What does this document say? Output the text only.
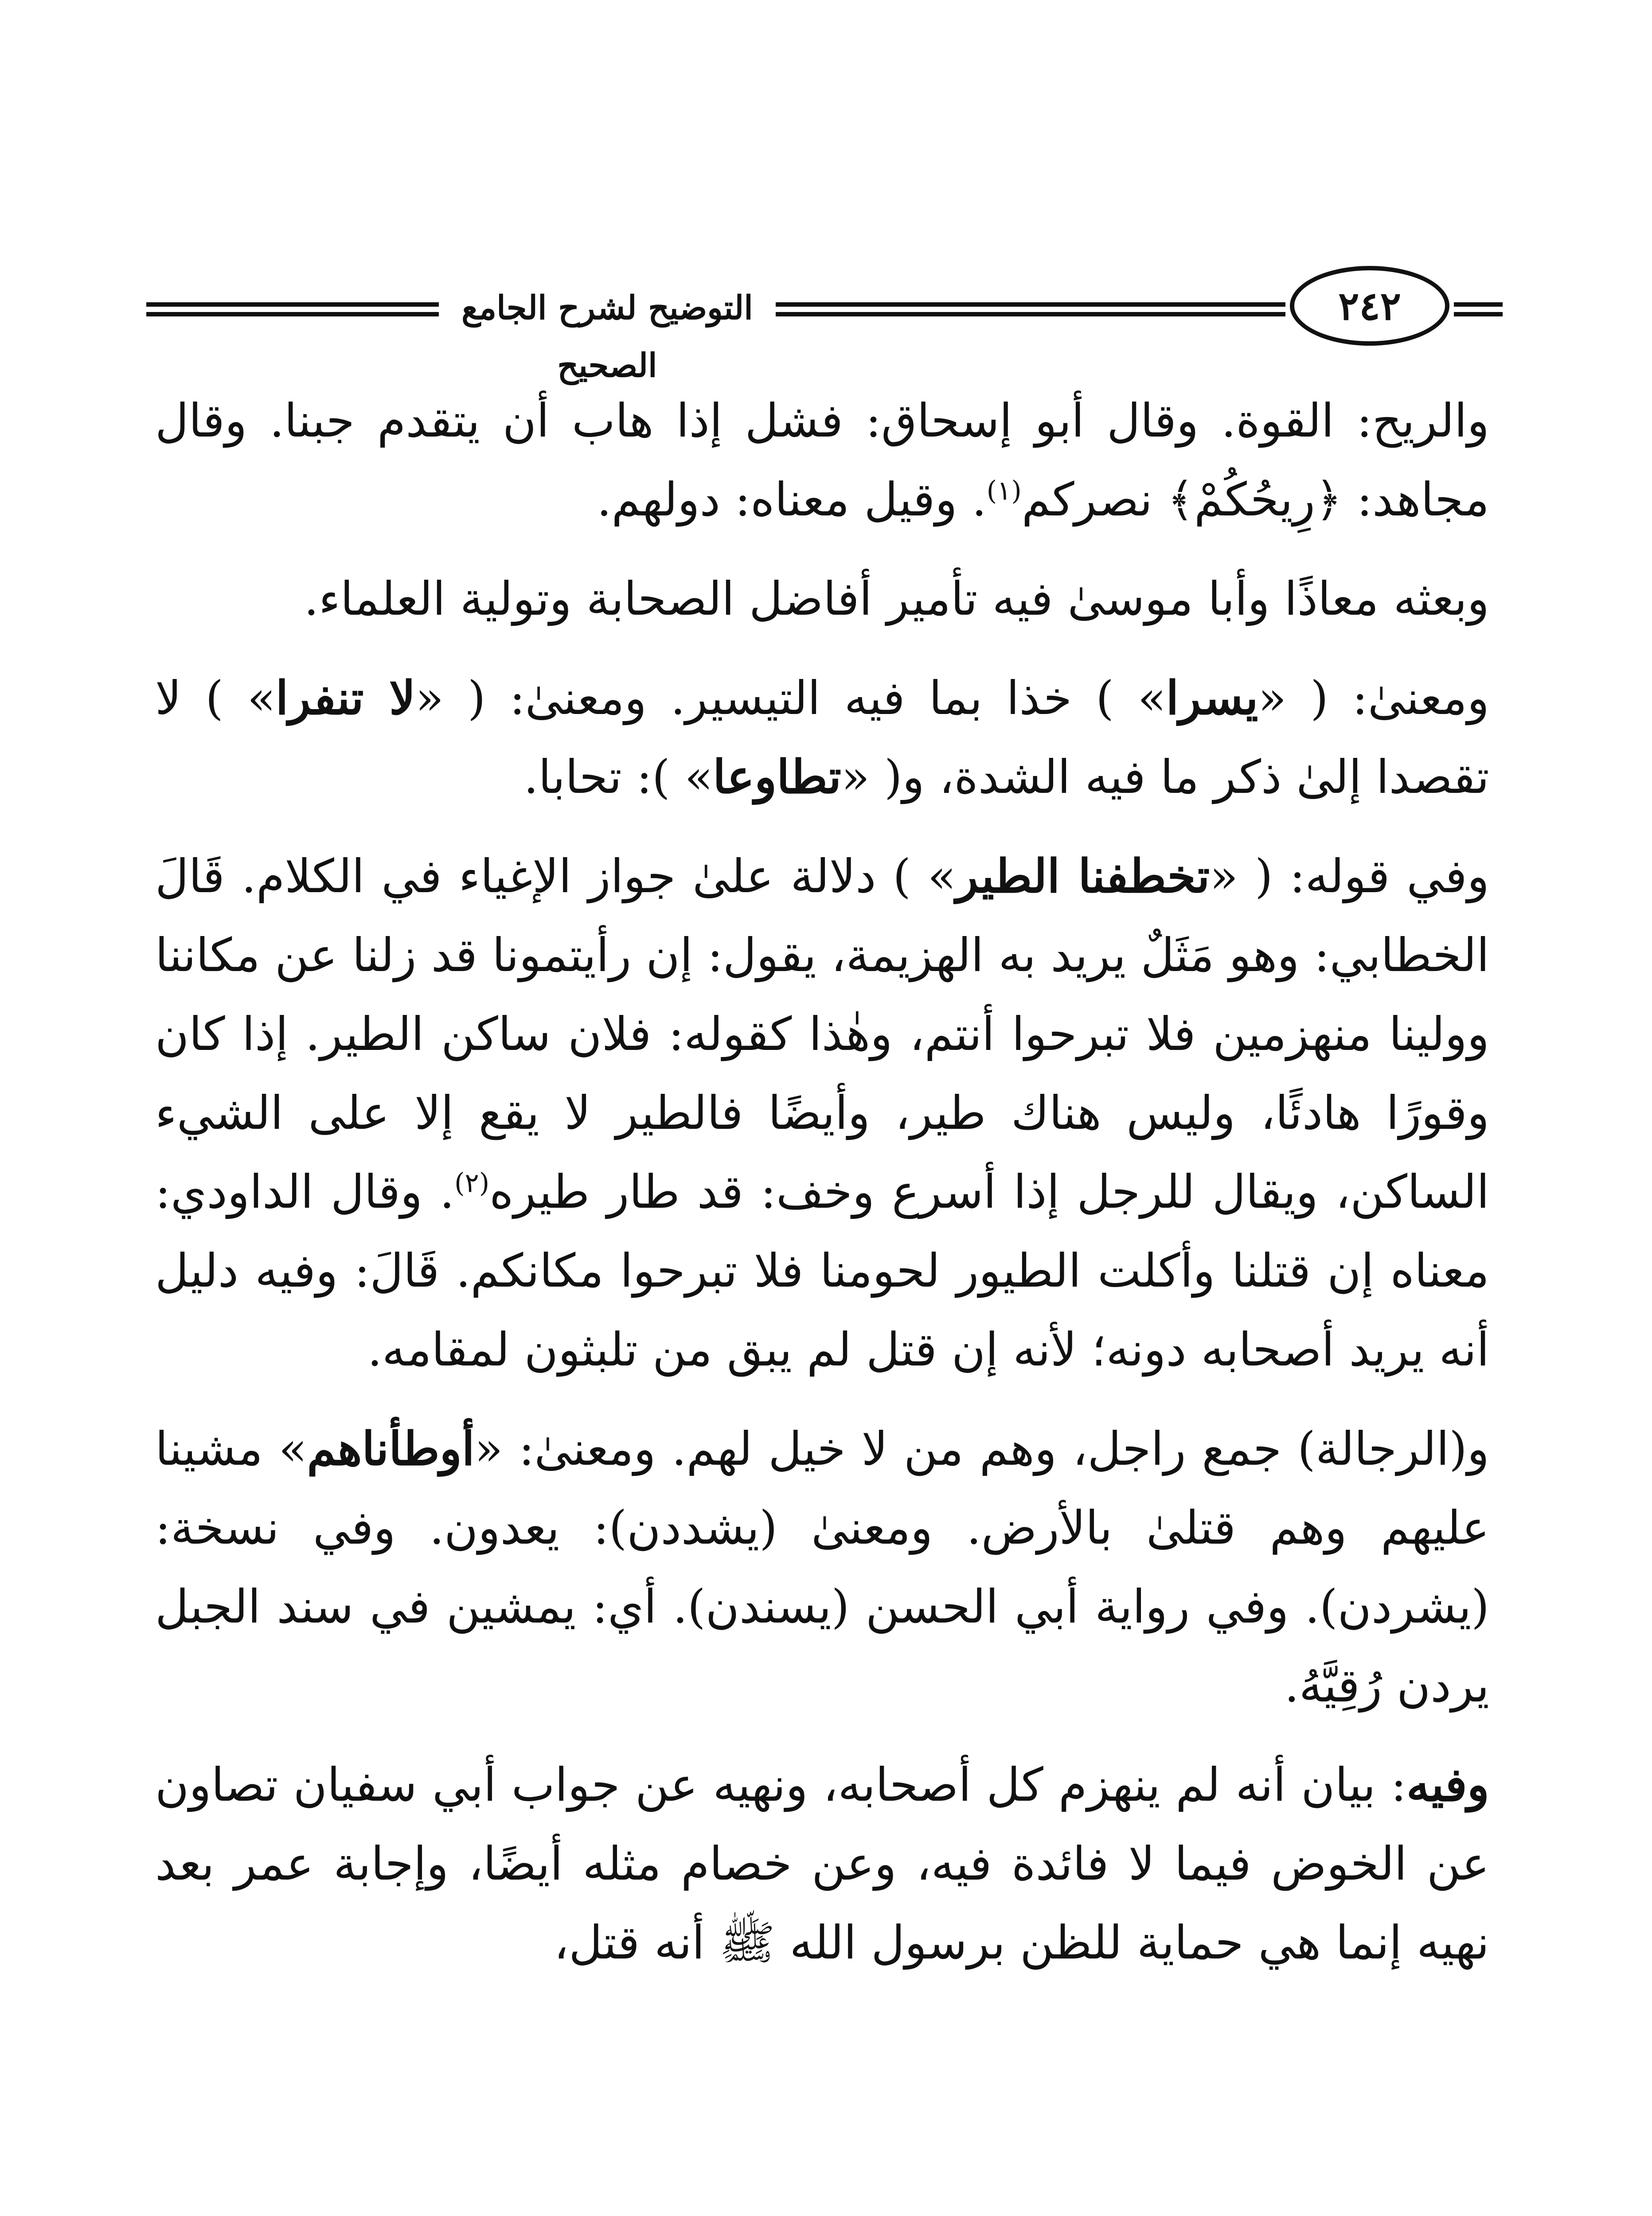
التوضيح لشرح الجامع الصحيح
٢٤٢
والريح: القوة. وقال أبو إسحاق: فشل إذا هاب أن يتقدم جبنا. وقال مجاهد: ﴿رِيحُكُمْ﴾ نصركم$^{(١)}$. وقيل معناه: دولهم.
وبعثه معاذًا وأبا موسىٰ فيه تأمير أفاضل الصحابة وتولية العلماء.
ومعنىٰ: ( «يسرا» ) خذا بما فيه التيسير. ومعنىٰ: ( «لا تنفرا» ) لا تقصدا إلىٰ ذكر ما فيه الشدة، و( «تطاوعا» ): تحابا.
وفي قوله: ( «تخطفنا الطير» ) دلالة علىٰ جواز الإغياء في الكلام. قَالَ الخطابي: وهو مَثَلٌ يريد به الهزيمة، يقول: إن رأيتمونا قد زلنا عن مكاننا وولينا منهزمين فلا تبرحوا أنتم، وهٰذا كقوله: فلان ساكن الطير. إذا كان وقورًا هادئًا، وليس هناك طير، وأيضًا فالطير لا يقع إلا على الشيء الساكن، ويقال للرجل إذا أسرع وخف: قد طار طيره$^{(٢)}$. وقال الداودي: معناه إن قتلنا وأكلت الطيور لحومنا فلا تبرحوا مكانكم. قَالَ: وفيه دليل أنه يريد أصحابه دونه؛ لأنه إن قتل لم يبق من تلبثون لمقامه.
و(الرجالة) جمع راجل، وهم من لا خيل لهم. ومعنىٰ: «أوطأناهم» مشينا عليهم وهم قتلىٰ بالأرض. ومعنىٰ (يشددن): يعدون. وفي نسخة: (يشردن). وفي رواية أبي الحسن (يسندن). أي: يمشين في سند الجبل يردن رُقِيَّهُ.
وفيه: بيان أنه لم ينهزم كل أصحابه، ونهيه عن جواب أبي سفيان تصاون عن الخوض فيما لا فائدة فيه، وعن خصام مثله أيضًا، وإجابة عمر بعد نهيه إنما هي حماية للظن برسول الله ﷺ أنه قتل،
